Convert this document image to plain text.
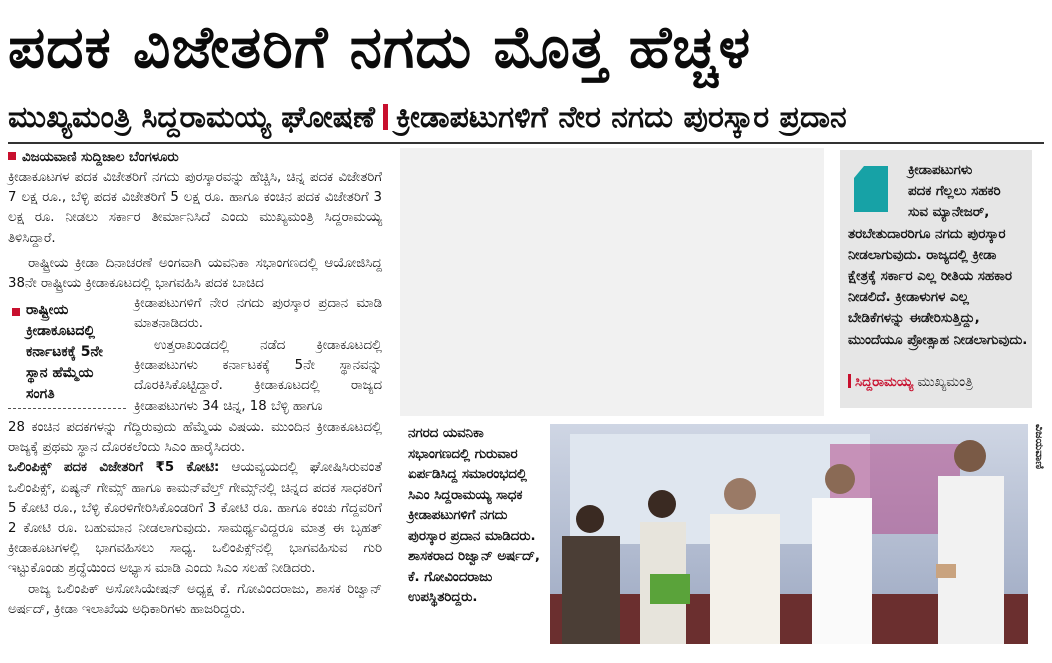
ಪದಕ ವಿಜೇತರಿಗೆ ನಗದು ಮೊತ್ತ ಹೆಚ್ಚಳ
ಮುಖ್ಯಮಂತ್ರಿ ಸಿದ್ದರಾಮಯ್ಯ ಘೋಷಣೆ ಕ್ರೀಡಾಪಟುಗಳಿಗೆ ನೇರ ನಗದು ಪುರಸ್ಕಾರ ಪ್ರದಾನ
ವಿಜಯವಾಣಿ ಸುದ್ದಿಜಾಲ ಬೆಂಗಳೂರು

ಕ್ರೀಡಾಕೂಟಗಳ ಪದಕ ವಿಜೇತರಿಗೆ ನಗದು ಪುರಸ್ಕಾರವನ್ನು ಹೆಚ್ಚಿಸಿ, ಚಿನ್ನ ಪದಕ ವಿಜೇತರಿಗೆ 7 ಲಕ್ಷ ರೂ., ಬೆಳ್ಳಿ ಪದಕ ವಿಜೇತರಿಗೆ 5 ಲಕ್ಷ ರೂ. ಹಾಗೂ ಕಂಚಿನ ಪದಕ ವಿಜೇತರಿಗೆ 3 ಲಕ್ಷ ರೂ. ನೀಡಲು ಸರ್ಕಾರ ತೀರ್ಮಾನಿಸಿದೆ ಎಂದು ಮುಖ್ಯಮಂತ್ರಿ ಸಿದ್ದರಾಮಯ್ಯ ತಿಳಿಸಿದ್ದಾರೆ.

ರಾಷ್ಟ್ರೀಯ ಕ್ರೀಡಾ ದಿನಾಚರಣೆ ಅಂಗವಾಗಿ ಯವನಿಕಾ ಸಭಾಂಗಣದಲ್ಲಿ ಆಯೋಜಿಸಿದ್ದ 38ನೇ ರಾಷ್ಟ್ರೀಯ ಕ್ರೀಡಾಕೂಟದಲ್ಲಿ ಭಾಗವಹಿಸಿ ಪದಕ ಬಾಚಿದ

ರಾಷ್ಟ್ರೀಯ ಕ್ರೀಡಾಕೂಟದಲ್ಲಿ ಕರ್ನಾಟಕಕ್ಕೆ 5ನೇ ಸ್ಥಾನ ಹೆಮ್ಮೆಯ ಸಂಗತಿ

ಕ್ರೀಡಾಪಟುಗಳಿಗೆ ನೇರ ನಗದು ಪುರಸ್ಕಾರ ಪ್ರದಾನ ಮಾಡಿ ಮಾತನಾಡಿದರು.

ಉತ್ತರಾಖಂಡದಲ್ಲಿ ನಡೆದ ಕ್ರೀಡಾಕೂಟದಲ್ಲಿ ಕ್ರೀಡಾಪಟುಗಳು ಕರ್ನಾಟಕಕ್ಕೆ 5ನೇ ಸ್ಥಾನವನ್ನು ದೊರಕಿಸಿಕೊಟ್ಟಿದ್ದಾರೆ. ಕ್ರೀಡಾಕೂಟದಲ್ಲಿ ರಾಜ್ಯದ ಕ್ರೀಡಾಪಟುಗಳು 34 ಚಿನ್ನ, 18 ಬೆಳ್ಳಿ ಹಾಗೂ

28 ಕಂಚಿನ ಪದಕಗಳನ್ನು ಗೆದ್ದಿರುವುದು ಹೆಮ್ಮೆಯ ವಿಷಯ. ಮುಂದಿನ ಕ್ರೀಡಾಕೂಟದಲ್ಲಿ ರಾಜ್ಯಕ್ಕೆ ಪ್ರಥಮ ಸ್ಥಾನ ದೊರಕಲೆಂದು ಸಿಎಂ ಹಾರೈಸಿದರು.

ಒಲಿಂಪಿಕ್ಸ್ ಪದಕ ವಿಜೇತರಿಗೆ ₹5 ಕೋಟಿ: ಆಯವ್ಯಯದಲ್ಲಿ ಘೋಷಿಸಿರುವಂತೆ ಒಲಿಂಪಿಕ್ಸ್, ಏಷ್ಯನ್ ಗೇಮ್ಸ್ ಹಾಗೂ ಕಾಮನ್‌ವೆಲ್ತ್ ಗೇಮ್ಸ್‌ನಲ್ಲಿ ಚಿನ್ನದ ಪದಕ ಸಾಧಕರಿಗೆ 5 ಕೋಟಿ ರೂ., ಬೆಳ್ಳಿ ಕೊರಳಿಗೇರಿಸಿಕೊಂಡರಿಗೆ 3 ಕೋಟಿ ರೂ. ಹಾಗೂ ಕಂಚು ಗೆದ್ದವರಿಗೆ 2 ಕೋಟಿ ರೂ. ಬಹುಮಾನ ನೀಡಲಾಗುವುದು. ಸಾಮರ್ಥ್ಯವಿದ್ದರೂ ಮಾತ್ರ ಈ ಬೃಹತ್ ಕ್ರೀಡಾಕೂಟಗಳಲ್ಲಿ ಭಾಗವಹಿಸಲು ಸಾಧ್ಯ. ಒಲಿಂಪಿಕ್ಸ್‌ನಲ್ಲಿ ಭಾಗವಹಿಸುವ ಗುರಿ ಇಟ್ಟುಕೊಂಡು ಶ್ರದ್ಧೆಯಿಂದ ಅಭ್ಯಾಸ ಮಾಡಿ ಎಂದು ಸಿಎಂ ಸಲಹೆ ನೀಡಿದರು.

ರಾಜ್ಯ ಒಲಿಂಪಿಕ್ ಅಸೋಸಿಯೇಷನ್ ಅಧ್ಯಕ್ಷ ಕೆ. ಗೋವಿಂದರಾಜು, ಶಾಸಕ ರಿಜ್ವಾನ್ ಅರ್ಷದ್, ಕ್ರೀಡಾ ಇಲಾಖೆಯ ಅಧಿಕಾರಿಗಳು ಹಾಜರಿದ್ದರು.

ಕ್ರೀಡಾಪಟುಗಳು
ಪದಕ ಗೆಲ್ಲಲು ಸಹಕರಿ
ಸುವ ಮ್ಯಾನೇಜರ್,
ತರಬೇತುದಾರರಿಗೂ ನಗದು ಪುರಸ್ಕಾರ ನೀಡಲಾಗುವುದು. ರಾಜ್ಯದಲ್ಲಿ ಕ್ರೀಡಾ ಕ್ಷೇತ್ರಕ್ಕೆ ಸರ್ಕಾರ ಎಲ್ಲ ರೀತಿಯ ಸಹಕಾರ ನೀಡಲಿದೆ. ಕ್ರೀಡಾಳುಗಳ ಎಲ್ಲ ಬೇಡಿಕೆಗಳನ್ನು ಈಡೇರಿಸುತ್ತಿದ್ದು, ಮುಂದೆಯೂ ಪ್ರೋತ್ಸಾಹ ನೀಡಲಾಗುವುದು.
ಸಿದ್ದರಾಮಯ್ಯ ಮುಖ್ಯಮಂತ್ರಿ
ನಗರದ ಯವನಿಕಾ ಸಭಾಂಗಣದಲ್ಲಿ ಗುರುವಾರ ಏರ್ಪಡಿಸಿದ್ದ ಸಮಾರಂಭದಲ್ಲಿ ಸಿಎಂ ಸಿದ್ದರಾಮಯ್ಯ ಸಾಧಕ ಕ್ರೀಡಾಪಟುಗಳಿಗೆ ನಗದು ಪುರಸ್ಕಾರ ಪ್ರದಾನ ಮಾಡಿದರು. ಶಾಸಕರಾದ ರಿಜ್ವಾನ್ ಅರ್ಷದ್, ಕೆ. ಗೋವಿಂದರಾಜು ಉಪಸ್ಥಿತರಿದ್ದರು.
ವಿಜಯವಾಣಿ
